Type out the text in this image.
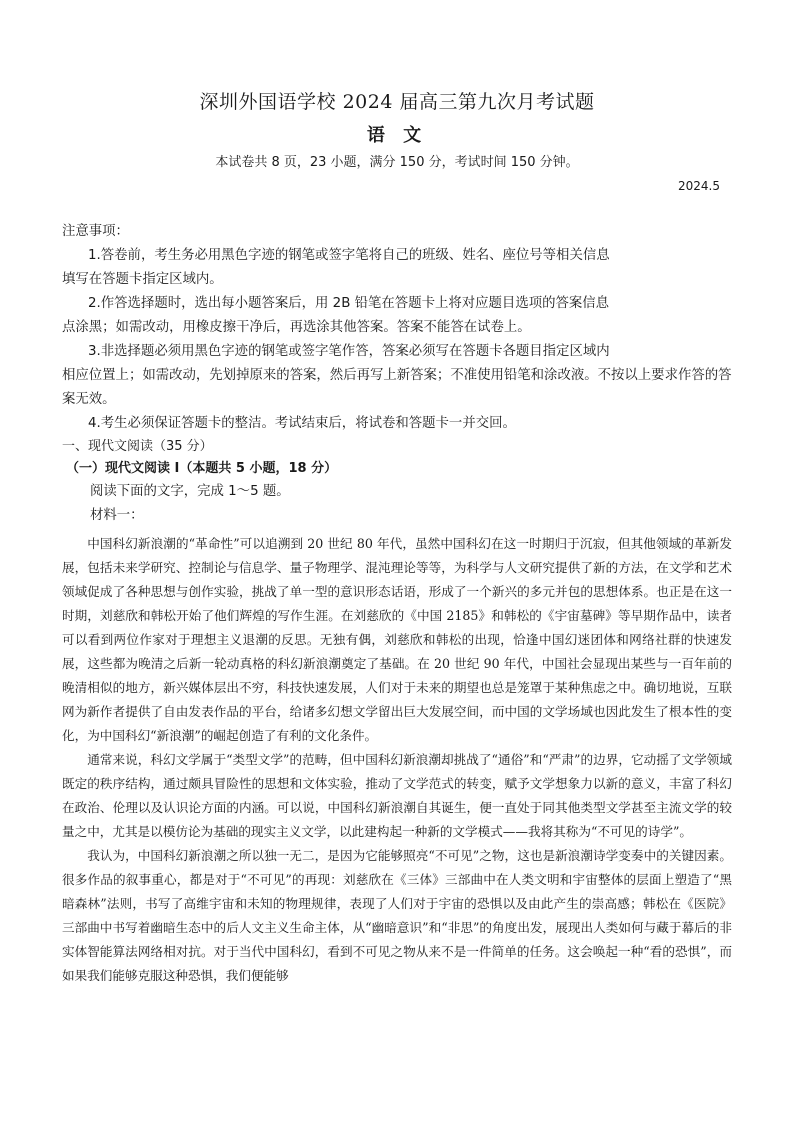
深圳外国语学校 2024 届高三第九次月考试题
语 文
本试卷共 8 页，23 小题，满分 150 分，考试时间 150 分钟。
2024.5

注意事项：

1.答卷前，考生务必用黑色字迹的钢笔或签字笔将自己的班级、姓名、座位号等相关信息

填写在答题卡指定区域内。

2.作答选择题时，选出每小题答案后，用 2B 铅笔在答题卡上将对应题目选项的答案信息

点涂黑；如需改动，用橡皮擦干净后，再选涂其他答案。答案不能答在试卷上。

3.非选择题必须用黑色字迹的钢笔或签字笔作答，答案必须写在答题卡各题目指定区域内

相应位置上；如需改动，先划掉原来的答案，然后再写上新答案；不准使用铅笔和涂改液。不按以上要求作答的答案无效。

4.考生必须保证答题卡的整洁。考试结束后，将试卷和答题卡一并交回。

一、现代文阅读（35 分）
（一）现代文阅读 I（本题共 5 小题，18 分）
阅读下面的文字，完成 1～5 题。
材料一：

中国科幻新浪潮的“革命性”可以追溯到 20 世纪 80 年代，虽然中国科幻在这一时期归于沉寂，但其他领域的革新发展，包括未来学研究、控制论与信息学、量子物理学、混沌理论等等，为科学与人文研究提供了新的方法，在文学和艺术领域促成了各种思想与创作实验，挑战了单一型的意识形态话语，形成了一个新兴的多元并包的思想体系。也正是在这一时期，刘慈欣和韩松开始了他们辉煌的写作生涯。在刘慈欣的《中国 2185》和韩松的《宇宙墓碑》等早期作品中，读者可以看到两位作家对于理想主义退潮的反思。无独有偶，刘慈欣和韩松的出现，恰逢中国幻迷团体和网络社群的快速发展，这些都为晚清之后新一轮动真格的科幻新浪潮奠定了基础。在 20 世纪 90 年代，中国社会显现出某些与一百年前的晚清相似的地方，新兴媒体层出不穷，科技快速发展，人们对于未来的期望也总是笼罩于某种焦虑之中。确切地说，互联网为新作者提供了自由发表作品的平台，给诸多幻想文学留出巨大发展空间，而中国的文学场域也因此发生了根本性的变化，为中国科幻“新浪潮”的崛起创造了有利的文化条件。

通常来说，科幻文学属于“类型文学”的范畴，但中国科幻新浪潮却挑战了“通俗”和“严肃”的边界，它动摇了文学领域既定的秩序结构，通过颇具冒险性的思想和文体实验，推动了文学范式的转变，赋予文学想象力以新的意义，丰富了科幻在政治、伦理以及认识论方面的内涵。可以说，中国科幻新浪潮自其诞生，便一直处于同其他类型文学甚至主流文学的较量之中，尤其是以模仿论为基础的现实主义文学，以此建构起一种新的文学模式——我将其称为“不可见的诗学”。

我认为，中国科幻新浪潮之所以独一无二，是因为它能够照亮“不可见”之物，这也是新浪潮诗学变奏中的关键因素。很多作品的叙事重心，都是对于“不可见”的再现：刘慈欣在《三体》三部曲中在人类文明和宇宙整体的层面上塑造了“黑暗森林”法则，书写了高维宇宙和未知的物理规律，表现了人们对于宇宙的恐惧以及由此产生的崇高感；韩松在《医院》三部曲中书写着幽暗生态中的后人文主义生命主体，从“幽暗意识”和“非思”的角度出发，展现出人类如何与藏于幕后的非实体智能算法网络相对抗。对于当代中国科幻，看到不可见之物从来不是一件简单的任务。这会唤起一种“看的恐惧”，而如果我们能够克服这种恐惧，我们便能够
